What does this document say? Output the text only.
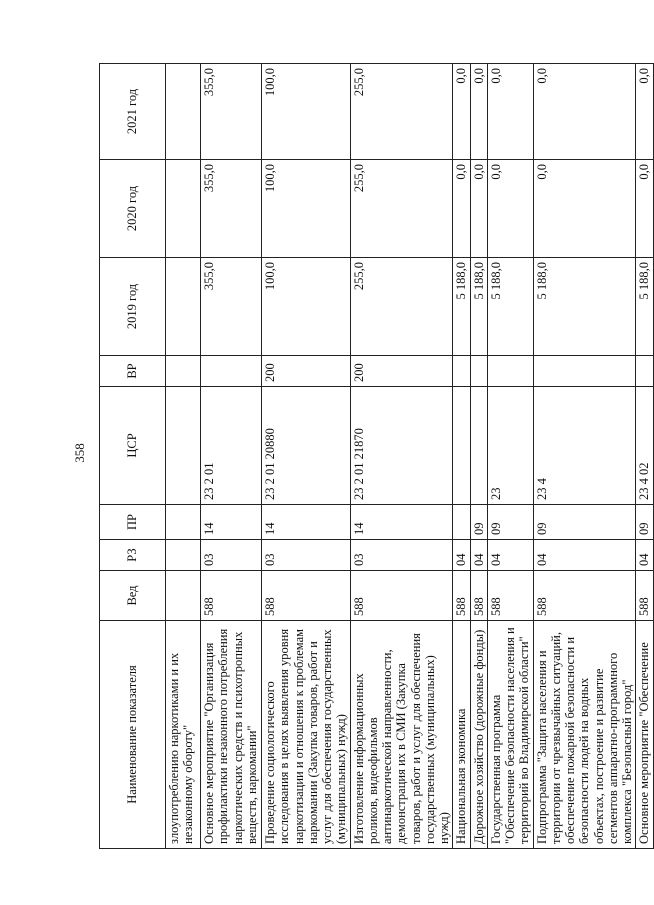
358
Наименование показателя	Вед	РЗ	ПР	ЦСР	ВР	2019 год	2020 год	2021 год
злоупотреблению наркотиками и их незаконному обороту"								
Основное мероприятие "Организация профилактики незаконного потребления наркотических средств и психотропных веществ, наркомании"	588	03	14	23 2 01		355,0	355,0	355,0
Проведение социологического исследования в целях выявления уровня наркотизации и отношения к проблемам наркомании (Закупка товаров, работ и услуг для обеспечения государственных (муниципальных) нужд)	588	03	14	23 2 01 20880	200	100,0	100,0	100,0
Изготовление информационных роликов, видеофильмов антинаркотической направленности, демонстрация их в СМИ (Закупка товаров, работ и услуг для обеспечения государственных (муниципальных) нужд)	588	03	14	23 2 01 21870	200	255,0	255,0	255,0
Национальная экономика	588	04				5 188,0	0,0	0,0
Дорожное хозяйство (дорожные фонды)	588	04	09			5 188,0	0,0	0,0
Государственная программа "Обеспечение безопасности населения и территорий во Владимирской области"	588	04	09	23		5 188,0	0,0	0,0
Подпрограмма "Защита населения и территории от чрезвычайных ситуаций, обеспечение пожарной безопасности и безопасности людей на водных объектах, построение и развитие сегментов аппаратно-программного комплекса "Безопасный город"	588	04	09	23 4		5 188,0	0,0	0,0
Основное мероприятие "Обеспечение	588	04	09	23 4 02		5 188,0	0,0	0,0
